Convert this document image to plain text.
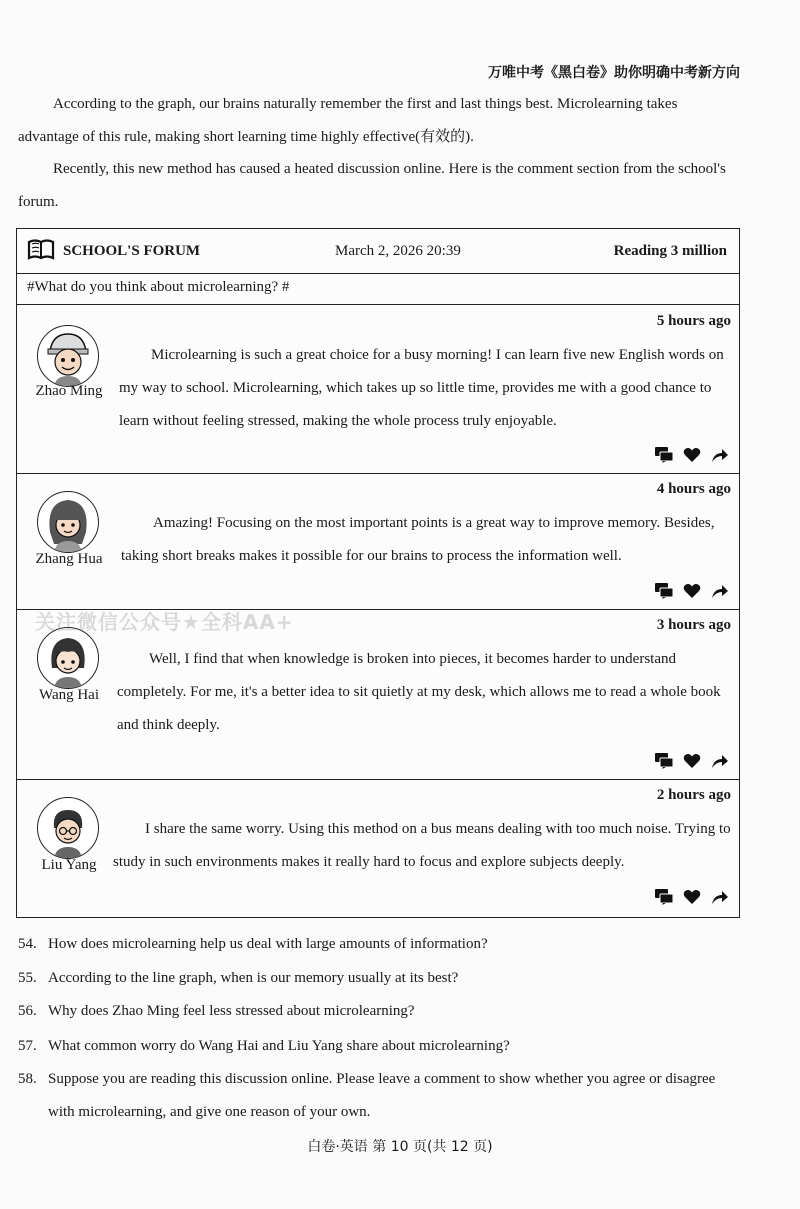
万唯中考《黑白卷》助你明确中考新方向
According to the graph, our brains naturally remember the first and last things best. Microlearning takes advantage of this rule, making short learning time highly effective(有效的).
Recently, this new method has caused a heated discussion online. Here is the comment section from the school's forum.
SCHOOL'S FORUM	March 2, 2026 20:39	Reading 3 million
#What do you think about microlearning? #
5 hours ago
Zhao Ming
Microlearning is such a great choice for a busy morning! I can learn five new English words on my way to school. Microlearning, which takes up so little time, provides me with a good chance to learn without feeling stressed, making the whole process truly enjoyable.
4 hours ago
Zhang Hua
Amazing! Focusing on the most important points is a great way to improve memory. Besides, taking short breaks makes it possible for our brains to process the information well.
3 hours ago
Wang Hai
Well, I find that when knowledge is broken into pieces, it becomes harder to understand completely. For me, it's a better idea to sit quietly at my desk, which allows me to read a whole book and think deeply.
2 hours ago
Liu Yang
I share the same worry. Using this method on a bus means dealing with too much noise. Trying to study in such environments makes it really hard to focus and explore subjects deeply.
关注微信公众号★全科AA+
54. How does microlearning help us deal with large amounts of information?
55. According to the line graph, when is our memory usually at its best?
56. Why does Zhao Ming feel less stressed about microlearning?
57. What common worry do Wang Hai and Liu Yang share about microlearning?
58. Suppose you are reading this discussion online. Please leave a comment to show whether you agree or disagree with microlearning, and give one reason of your own.
白卷·英语 第 10 页(共 12 页)
